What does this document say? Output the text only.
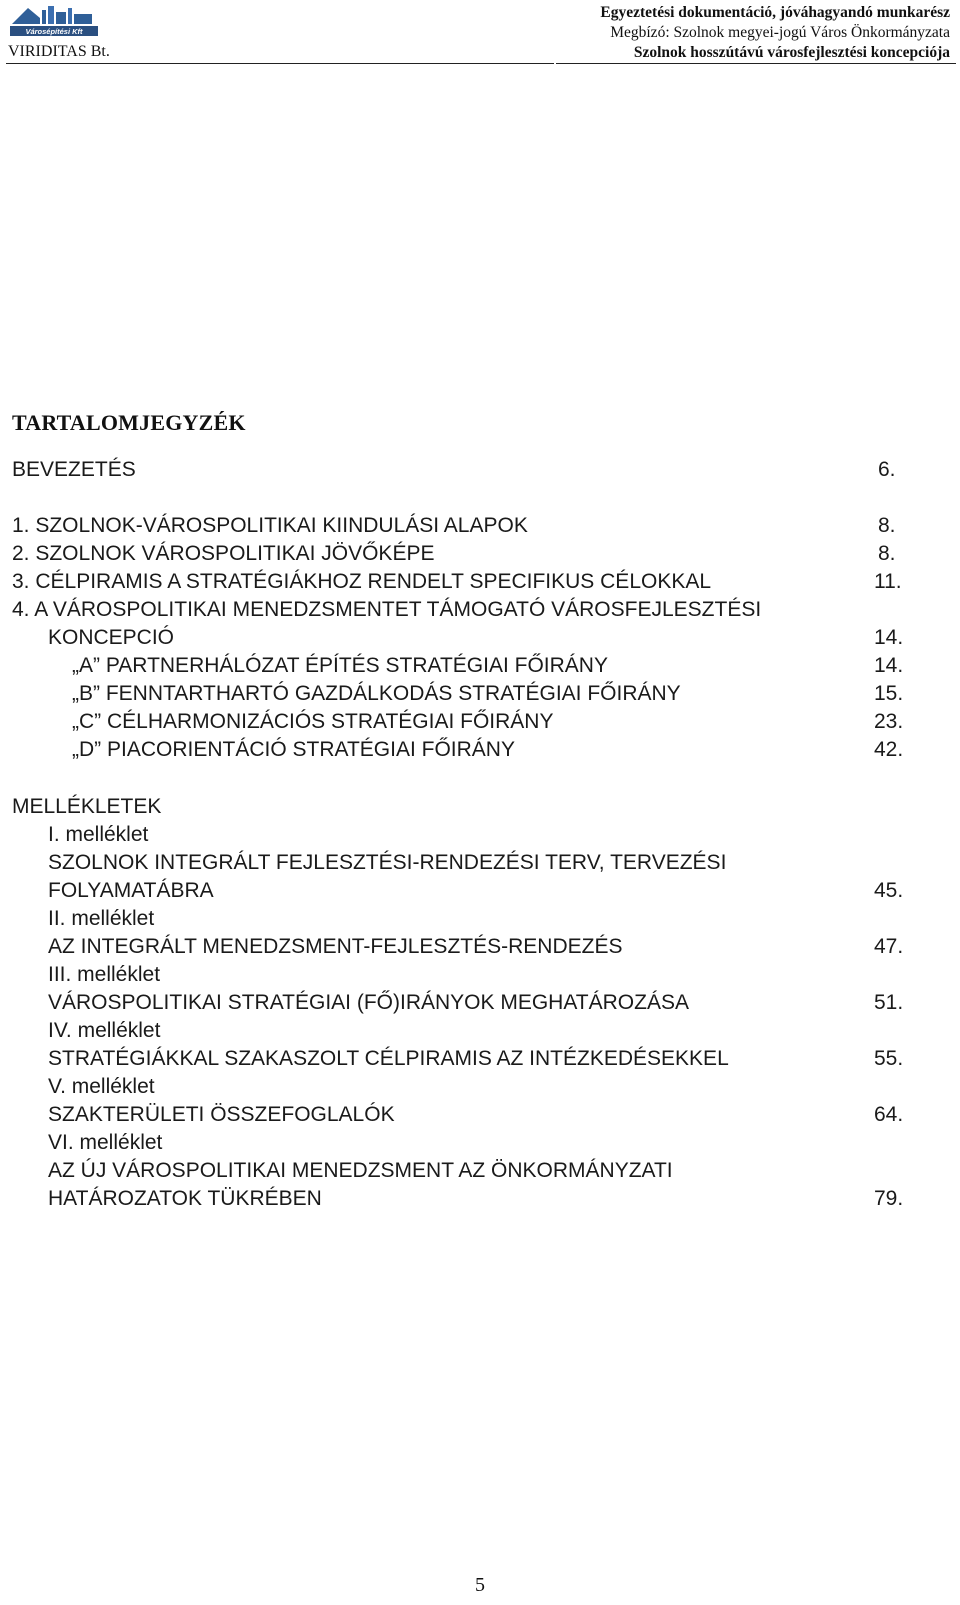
Városépítési Kft
VIRIDITAS Bt.
Egyeztetési dokumentáció, jóváhagyandó munkarész
Megbízó: Szolnok megyei-jogú Város Önkormányzata
Szolnok hosszútávú városfejlesztési koncepciója
TARTALOMJEGYZÉK
BEVEZETÉS	6.
1. SZOLNOK-VÁROSPOLITIKAI KIINDULÁSI ALAPOK	8.
2. SZOLNOK VÁROSPOLITIKAI JÖVŐKÉPE	8.
3. CÉLPIRAMIS A STRATÉGIÁKHOZ RENDELT SPECIFIKUS CÉLOKKAL	11.
4. A VÁROSPOLITIKAI MENEDZSMENTET TÁMOGATÓ VÁROSFEJLESZTÉSI
KONCEPCIÓ	14.
„A” PARTNERHÁLÓZAT ÉPÍTÉS STRATÉGIAI FŐIRÁNY	14.
„B” FENNTARTHARTÓ GAZDÁLKODÁS STRATÉGIAI FŐIRÁNY	15.
„C” CÉLHARMONIZÁCIÓS STRATÉGIAI FŐIRÁNY	23.
„D” PIACORIENTÁCIÓ STRATÉGIAI FŐIRÁNY	42.
MELLÉKLETEK
I. melléklet
SZOLNOK INTEGRÁLT FEJLESZTÉSI-RENDEZÉSI TERV, TERVEZÉSI
FOLYAMATÁBRA	45.
II. melléklet
AZ INTEGRÁLT MENEDZSMENT-FEJLESZTÉS-RENDEZÉS	47.
III. melléklet
VÁROSPOLITIKAI STRATÉGIAI (FŐ)IRÁNYOK MEGHATÁROZÁSA	51.
IV. melléklet
STRATÉGIÁKKAL SZAKASZOLT CÉLPIRAMIS AZ INTÉZKEDÉSEKKEL	55.
V. melléklet
SZAKTERÜLETI ÖSSZEFOGLALÓK	64.
VI. melléklet
AZ ÚJ VÁROSPOLITIKAI MENEDZSMENT AZ ÖNKORMÁNYZATI
HATÁROZATOK TÜKRÉBEN	79.
5
